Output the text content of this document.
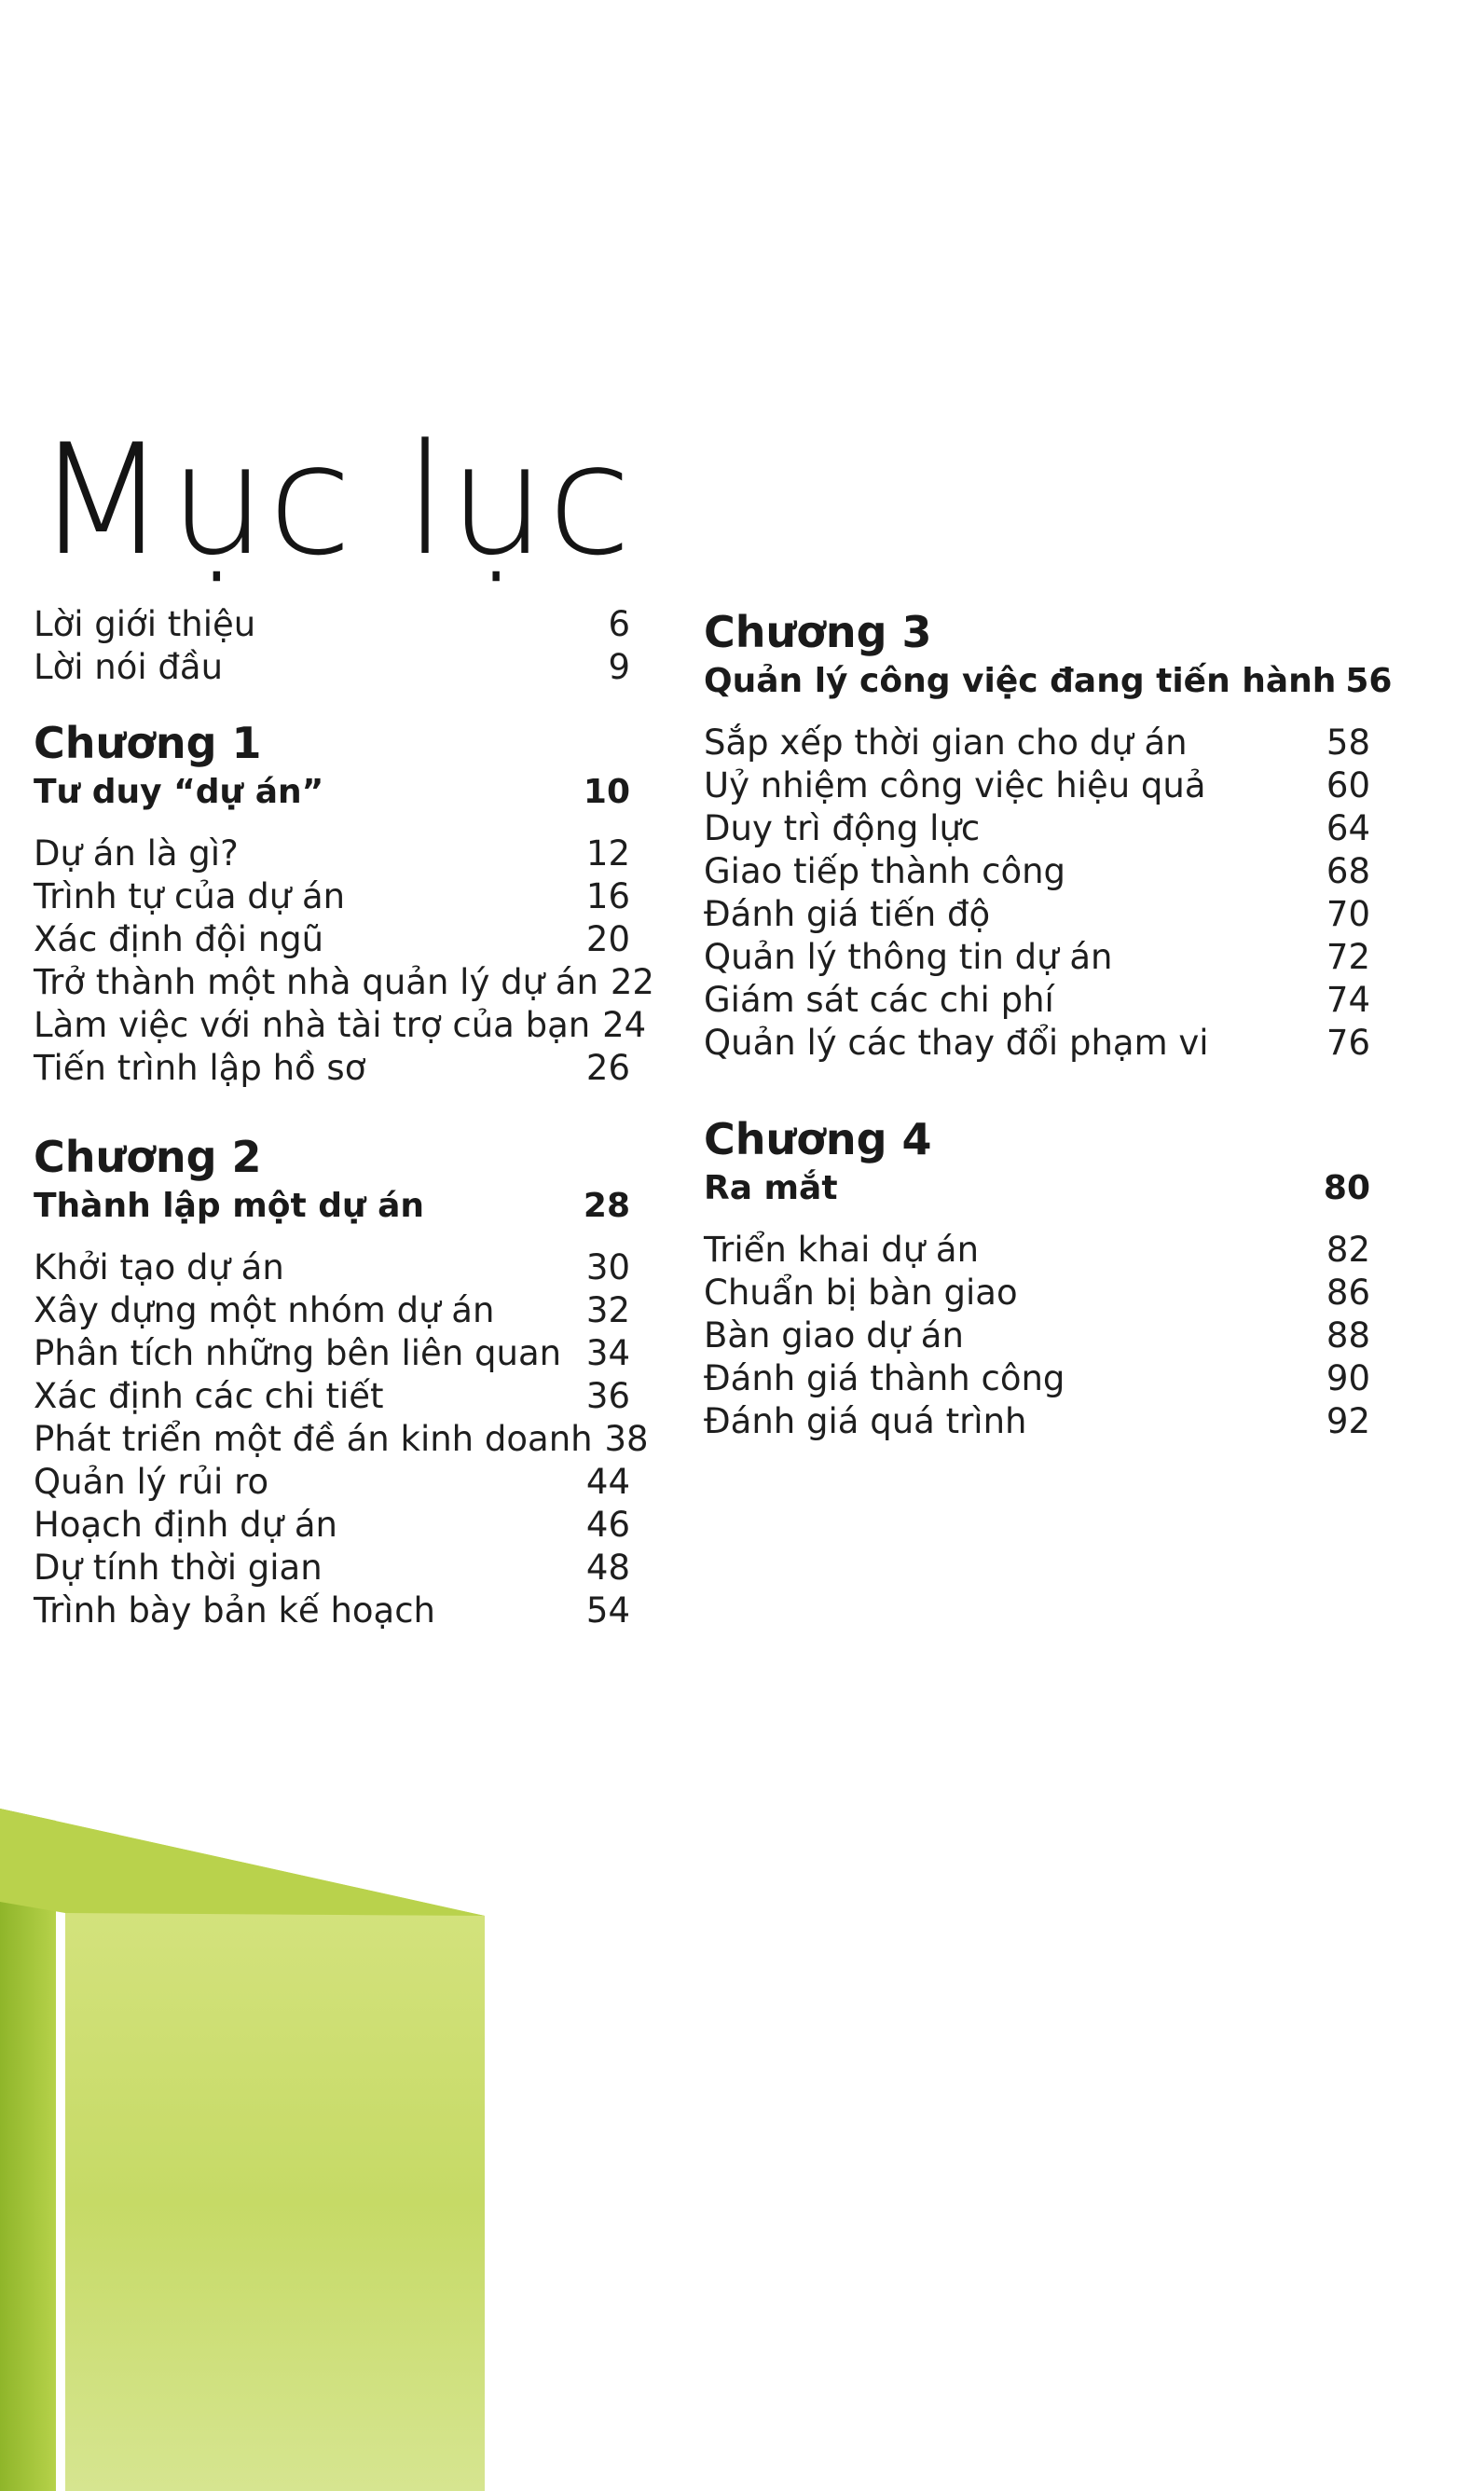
Mục lục
Lời giới thiệu	6
Lời nói đầu	9
Chương 1
Tư duy “dự án”	10
Dự án là gì?	12
Trình tự của dự án	16
Xác định đội ngũ	20
Trở thành một nhà quản lý dự án 22
Làm việc với nhà tài trợ của bạn 24
Tiến trình lập hồ sơ	26
Chương 2
Thành lập một dự án	28
Khởi tạo dự án	30
Xây dựng một nhóm dự án	32
Phân tích những bên liên quan 34
Xác định các chi tiết	36
Phát triển một đề án kinh doanh 38
Quản lý rủi ro	44
Hoạch định dự án	46
Dự tính thời gian	48
Trình bày bản kế hoạch	54
Chương 3
Quản lý công việc đang tiến hành 56
Sắp xếp thời gian cho dự án	58
Uỷ nhiệm công việc hiệu quả	60
Duy trì động lực	64
Giao tiếp thành công	68
Đánh giá tiến độ	70
Quản lý thông tin dự án	72
Giám sát các chi phí	74
Quản lý các thay đổi phạm vi	76
Chương 4
Ra mắt	80
Triển khai dự án	82
Chuẩn bị bàn giao	86
Bàn giao dự án	88
Đánh giá thành công	90
Đánh giá quá trình	92
